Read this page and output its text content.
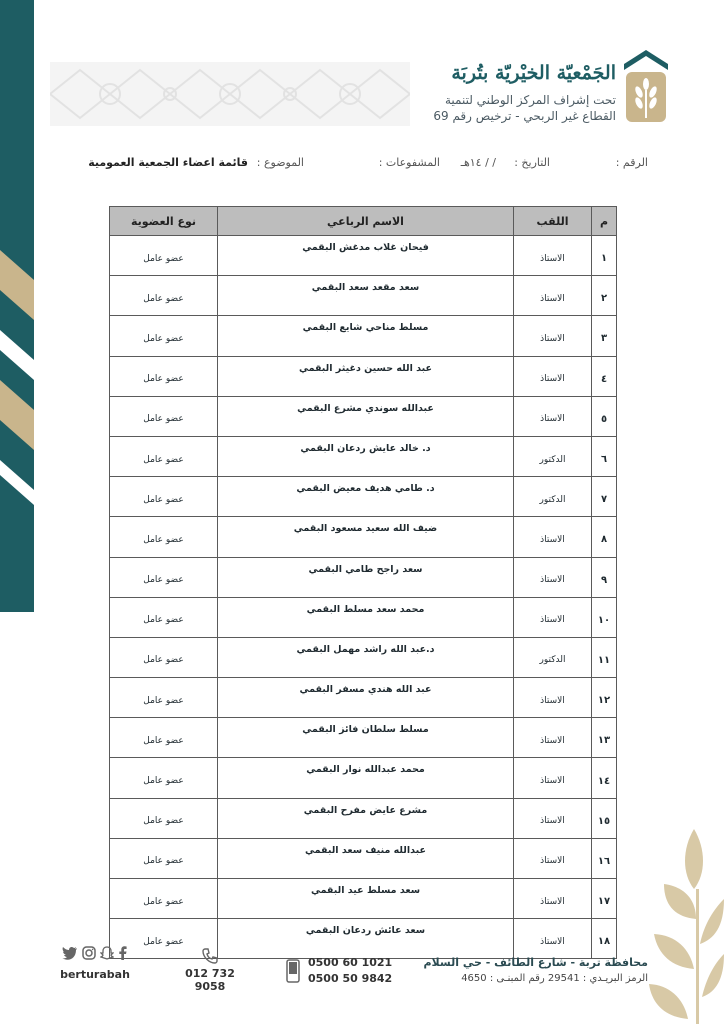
الجَمْعيّة الخيْريّة بتُربَة
تحت إشراف المركز الوطني لتنمية
القطاع غير الربحي - ترخيص رقم 69
الرقم :
التاريخ :
/ / ١٤هـ
المشفوعات :
الموضوع :
قائمة اعضاء الجمعية العمومية
م	اللقب	الاسم الرباعي	نوع العضوية
١	الاستاذ	فيحان غلاب مدغش البقمي	عضو عامل
٢	الاستاذ	سعد مقعد سعد البقمي	عضو عامل
٣	الاستاذ	مسلط مناحي شايع البقمي	عضو عامل
٤	الاستاذ	عبد الله حسين دغيثر البقمي	عضو عامل
٥	الاستاذ	عبدالله سوندي مشرع البقمي	عضو عامل
٦	الدكتور	د. خالد عايش ردعان البقمي	عضو عامل
٧	الدكتور	د. طامي هديف معيض البقمي	عضو عامل
٨	الاستاذ	ضيف الله سعيد مسعود البقمي	عضو عامل
٩	الاستاذ	سعد راجح طامي البقمي	عضو عامل
١٠	الاستاذ	محمد سعد مسلط البقمي	عضو عامل
١١	الدكتور	د.عبد الله راشد مهمل البقمي	عضو عامل
١٢	الاستاذ	عبد الله هندي مسفر البقمي	عضو عامل
١٣	الاستاذ	مسلط سلطان فائز البقمي	عضو عامل
١٤	الاستاذ	محمد عبدالله نوار البقمي	عضو عامل
١٥	الاستاذ	مشرع عايض مفرح البقمي	عضو عامل
١٦	الاستاذ	عبدالله منيف سعد البقمي	عضو عامل
١٧	الاستاذ	سعد مسلط عيد البقمي	عضو عامل
١٨	الاستاذ	سعد عائش ردعان البقمي	عضو عامل
محافظة تربة - شارع الطائف - حي السلام
الرمز البريـدي : 29541 رقم المبنـى : 4650
0500 60 1021
0500 50 9842
012 732 9058
berturabah
